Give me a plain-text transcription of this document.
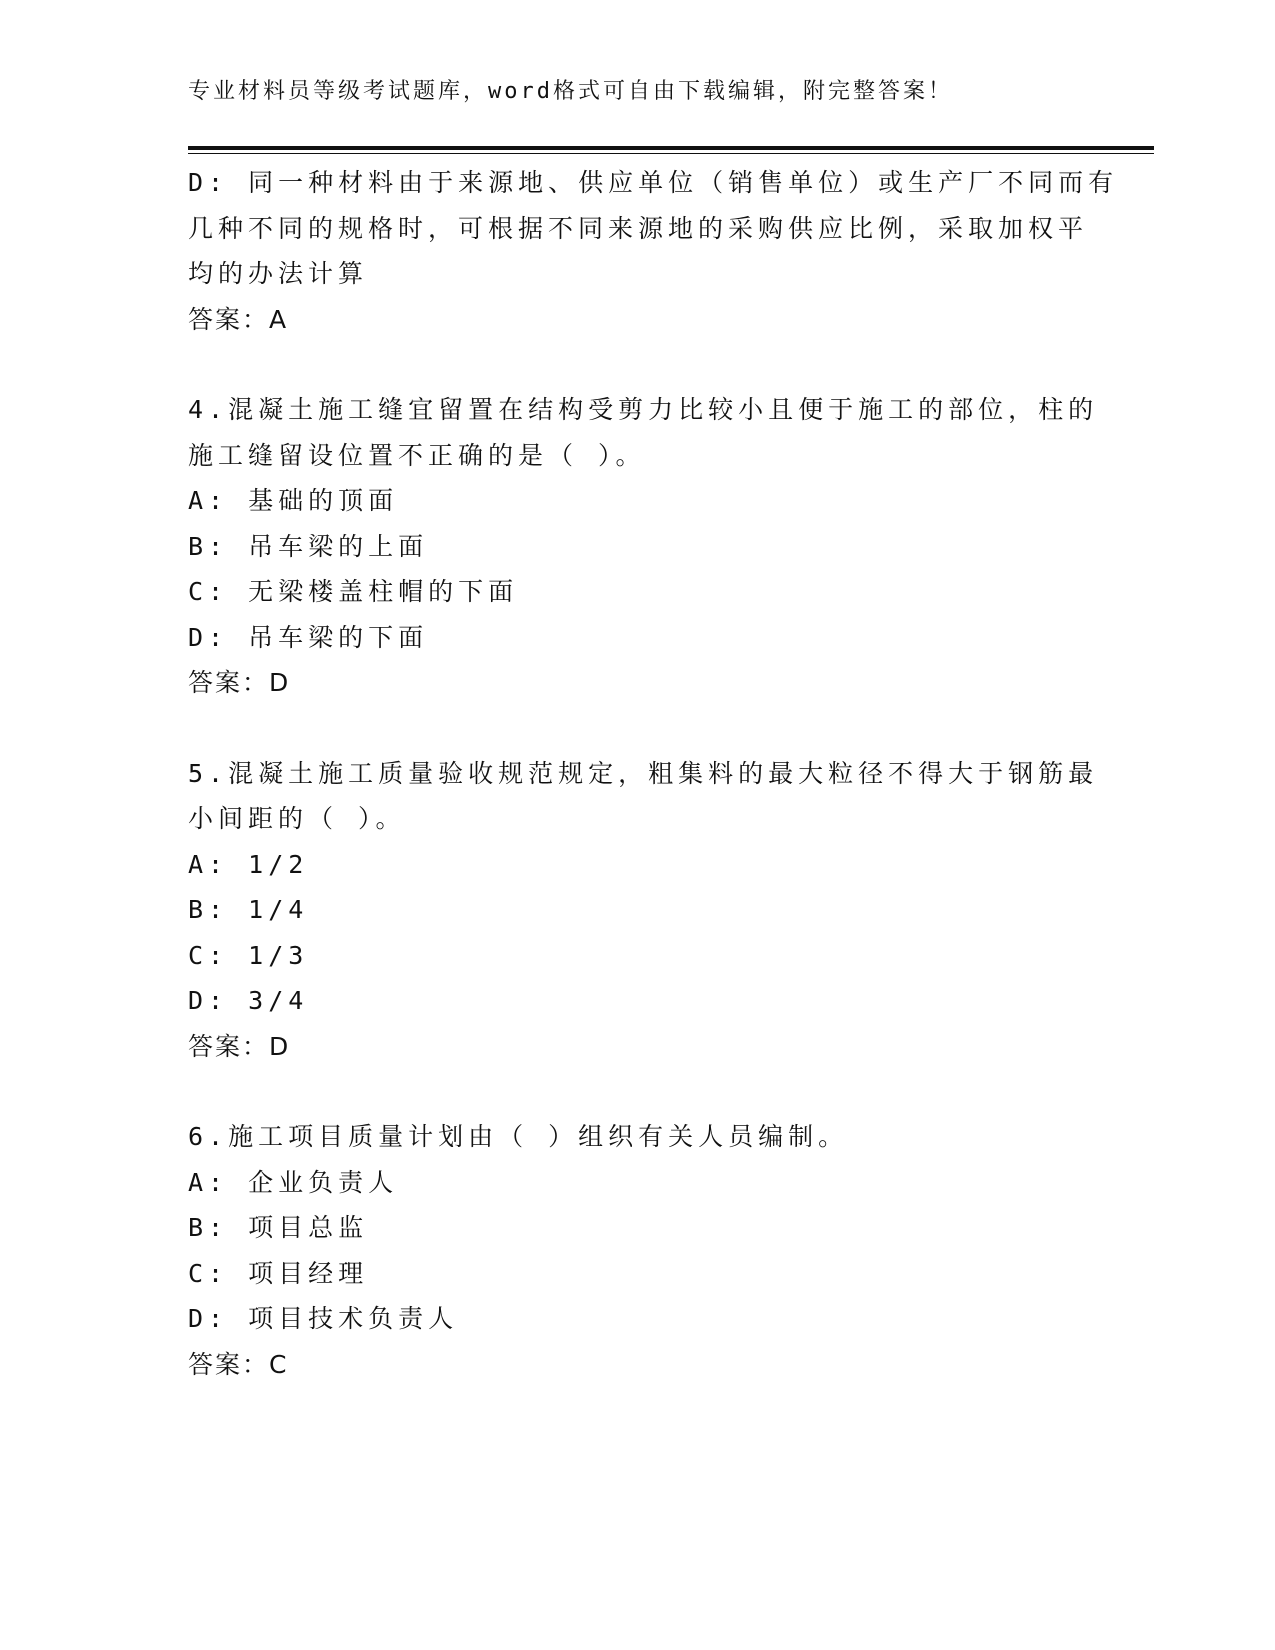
专业材料员等级考试题库，word格式可自由下载编辑，附完整答案！
D: 同一种材料由于来源地、供应单位（销售单位）或生产厂不同而有
几种不同的规格时，可根据不同来源地的采购供应比例，采取加权平
均的办法计算
答案：A
4.混凝土施工缝宜留置在结构受剪力比较小且便于施工的部位，柱的
施工缝留设位置不正确的是（ ）。
A: 基础的顶面
B: 吊车梁的上面
C: 无梁楼盖柱帽的下面
D: 吊车梁的下面
答案：D
5.混凝土施工质量验收规范规定，粗集料的最大粒径不得大于钢筋最
小间距的（ ）。
A: 1/2
B: 1/4
C: 1/3
D: 3/4
答案：D
6.施工项目质量计划由（ ）组织有关人员编制。
A: 企业负责人
B: 项目总监
C: 项目经理
D: 项目技术负责人
答案：C
